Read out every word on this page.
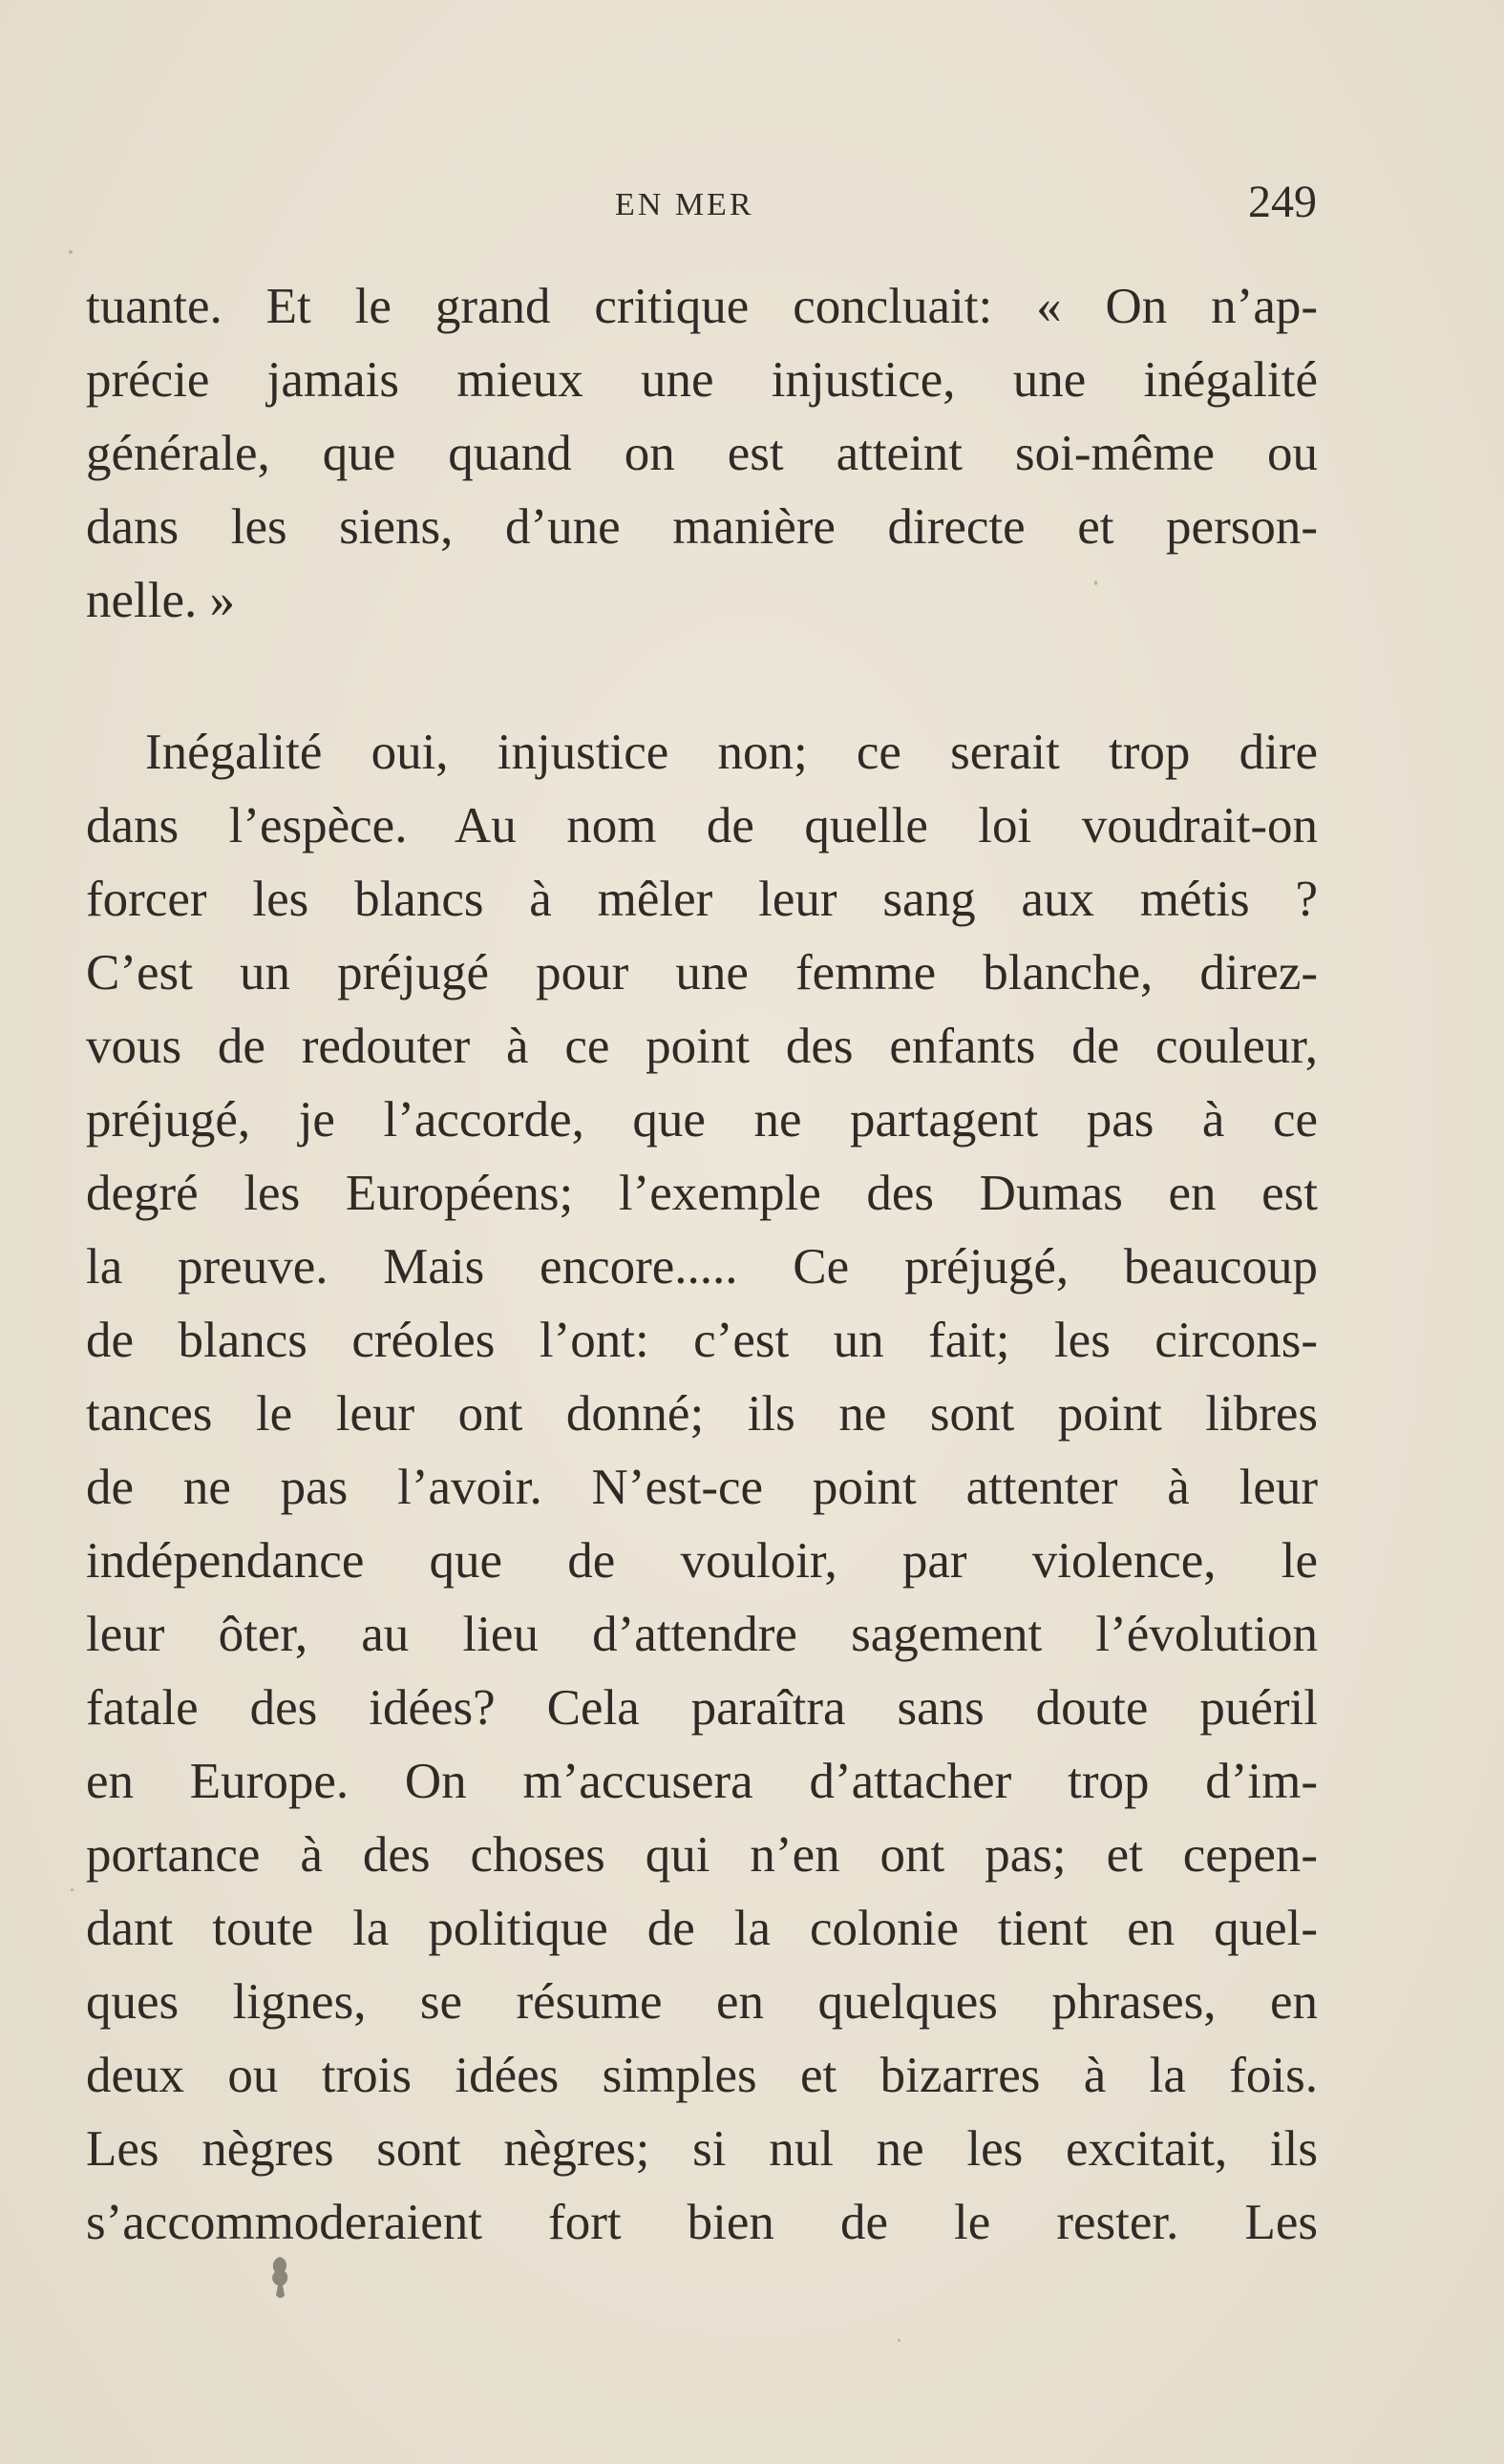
EN MER	249
tuante. Et le grand critique concluait: « On n’ap-
précie jamais mieux une injustice, une inégalité
générale, que quand on est atteint soi-même ou
dans les siens, d’une manière directe et person-
nelle. »
Inégalité oui, injustice non; ce serait trop dire
dans l’espèce. Au nom de quelle loi voudrait-on
forcer les blancs à mêler leur sang aux métis ?
C’est un préjugé pour une femme blanche, direz-
vous de redouter à ce point des enfants de couleur,
préjugé, je l’accorde, que ne partagent pas à ce
degré les Européens; l’exemple des Dumas en est
la preuve. Mais encore..... Ce préjugé, beaucoup
de blancs créoles l’ont: c’est un fait; les circons-
tances le leur ont donné; ils ne sont point libres
de ne pas l’avoir. N’est-ce point attenter à leur
indépendance que de vouloir, par violence, le
leur ôter, au lieu d’attendre sagement l’évolution
fatale des idées? Cela paraîtra sans doute puéril
en Europe. On m’accusera d’attacher trop d’im-
portance à des choses qui n’en ont pas; et cepen-
dant toute la politique de la colonie tient en quel-
ques lignes, se résume en quelques phrases, en
deux ou trois idées simples et bizarres à la fois.
Les nègres sont nègres; si nul ne les excitait, ils
s’accommoderaient fort bien de le rester. Les
